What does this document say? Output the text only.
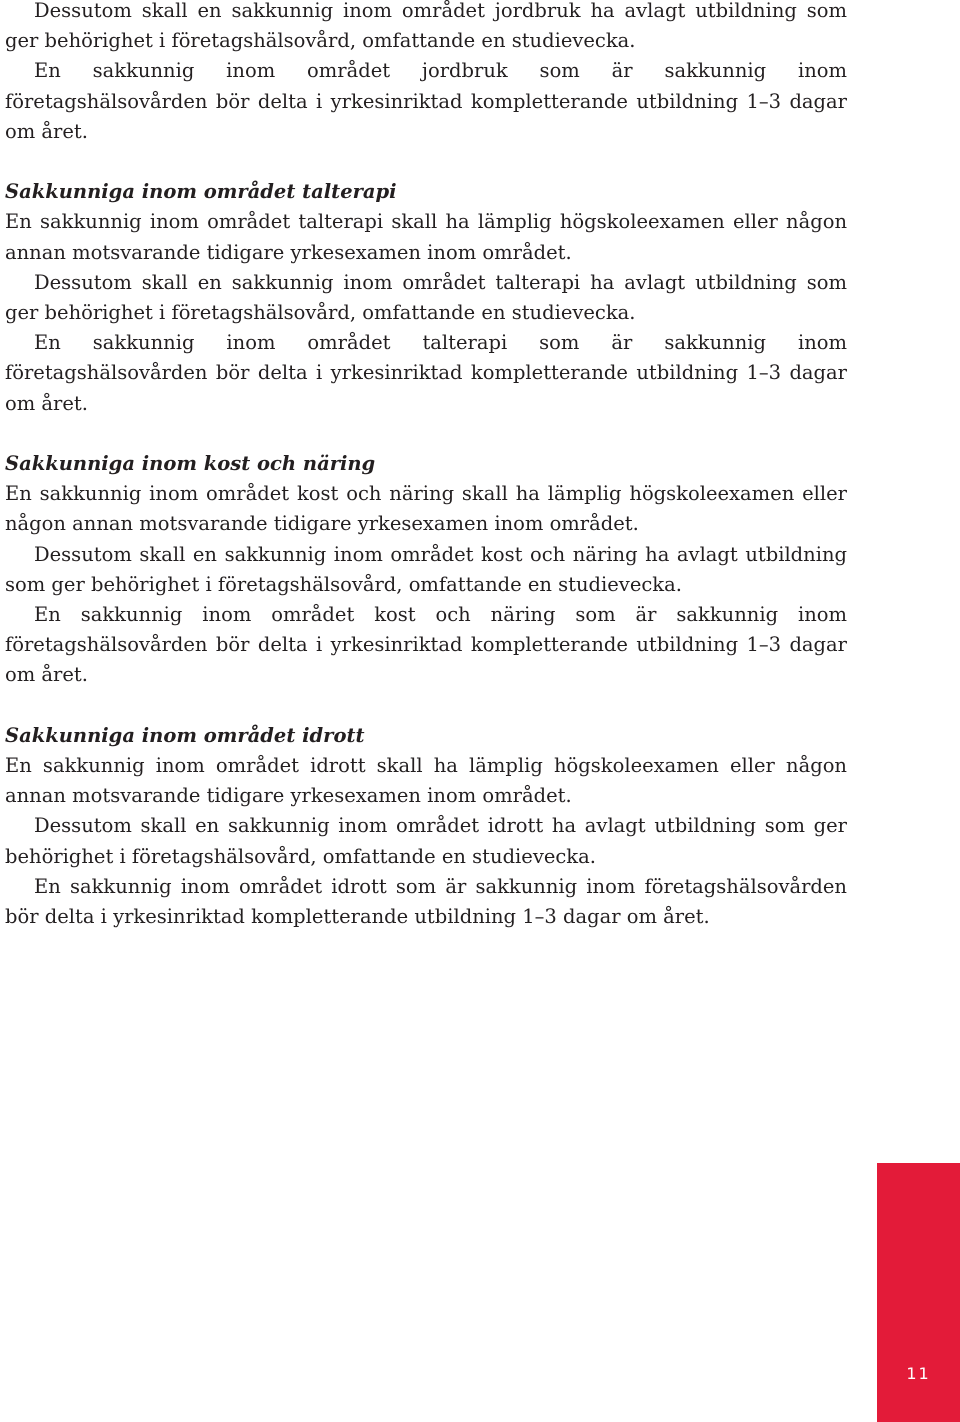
Dessutom skall en sakkunnig inom området jordbruk ha avlagt utbildning som ger behörighet i företagshälsovård, omfattande en studievecka.

En sakkunnig inom området jordbruk som är sakkunnig inom företagshälsovården bör delta i yrkesinriktad kompletterande utbildning 1–3 dagar om året.

Sakkunniga inom området talterapi

En sakkunnig inom området talterapi skall ha lämplig högskoleexamen eller någon annan motsvarande tidigare yrkesexamen inom området.

Dessutom skall en sakkunnig inom området talterapi ha avlagt utbildning som ger behörighet i företagshälsovård, omfattande en studievecka.

En sakkunnig inom området talterapi som är sakkunnig inom företagshälsovården bör delta i yrkesinriktad kompletterande utbildning 1–3 dagar om året.

Sakkunniga inom kost och näring

En sakkunnig inom området kost och näring skall ha lämplig högskoleexamen eller någon annan motsvarande tidigare yrkesexamen inom området.

Dessutom skall en sakkunnig inom området kost och näring ha avlagt utbildning som ger behörighet i företagshälsovård, omfattande en studievecka.

En sakkunnig inom området kost och näring som är sakkunnig inom företagshälsovården bör delta i yrkesinriktad kompletterande utbildning 1–3 dagar om året.

Sakkunniga inom området idrott

En sakkunnig inom området idrott skall ha lämplig högskoleexamen eller någon annan motsvarande tidigare yrkesexamen inom området.

Dessutom skall en sakkunnig inom området idrott ha avlagt utbildning som ger behörighet i företagshälsovård, omfattande en studievecka.

En sakkunnig inom området idrott som är sakkunnig inom företagshälsovården bör delta i yrkesinriktad kompletterande utbildning 1–3 dagar om året.

11
